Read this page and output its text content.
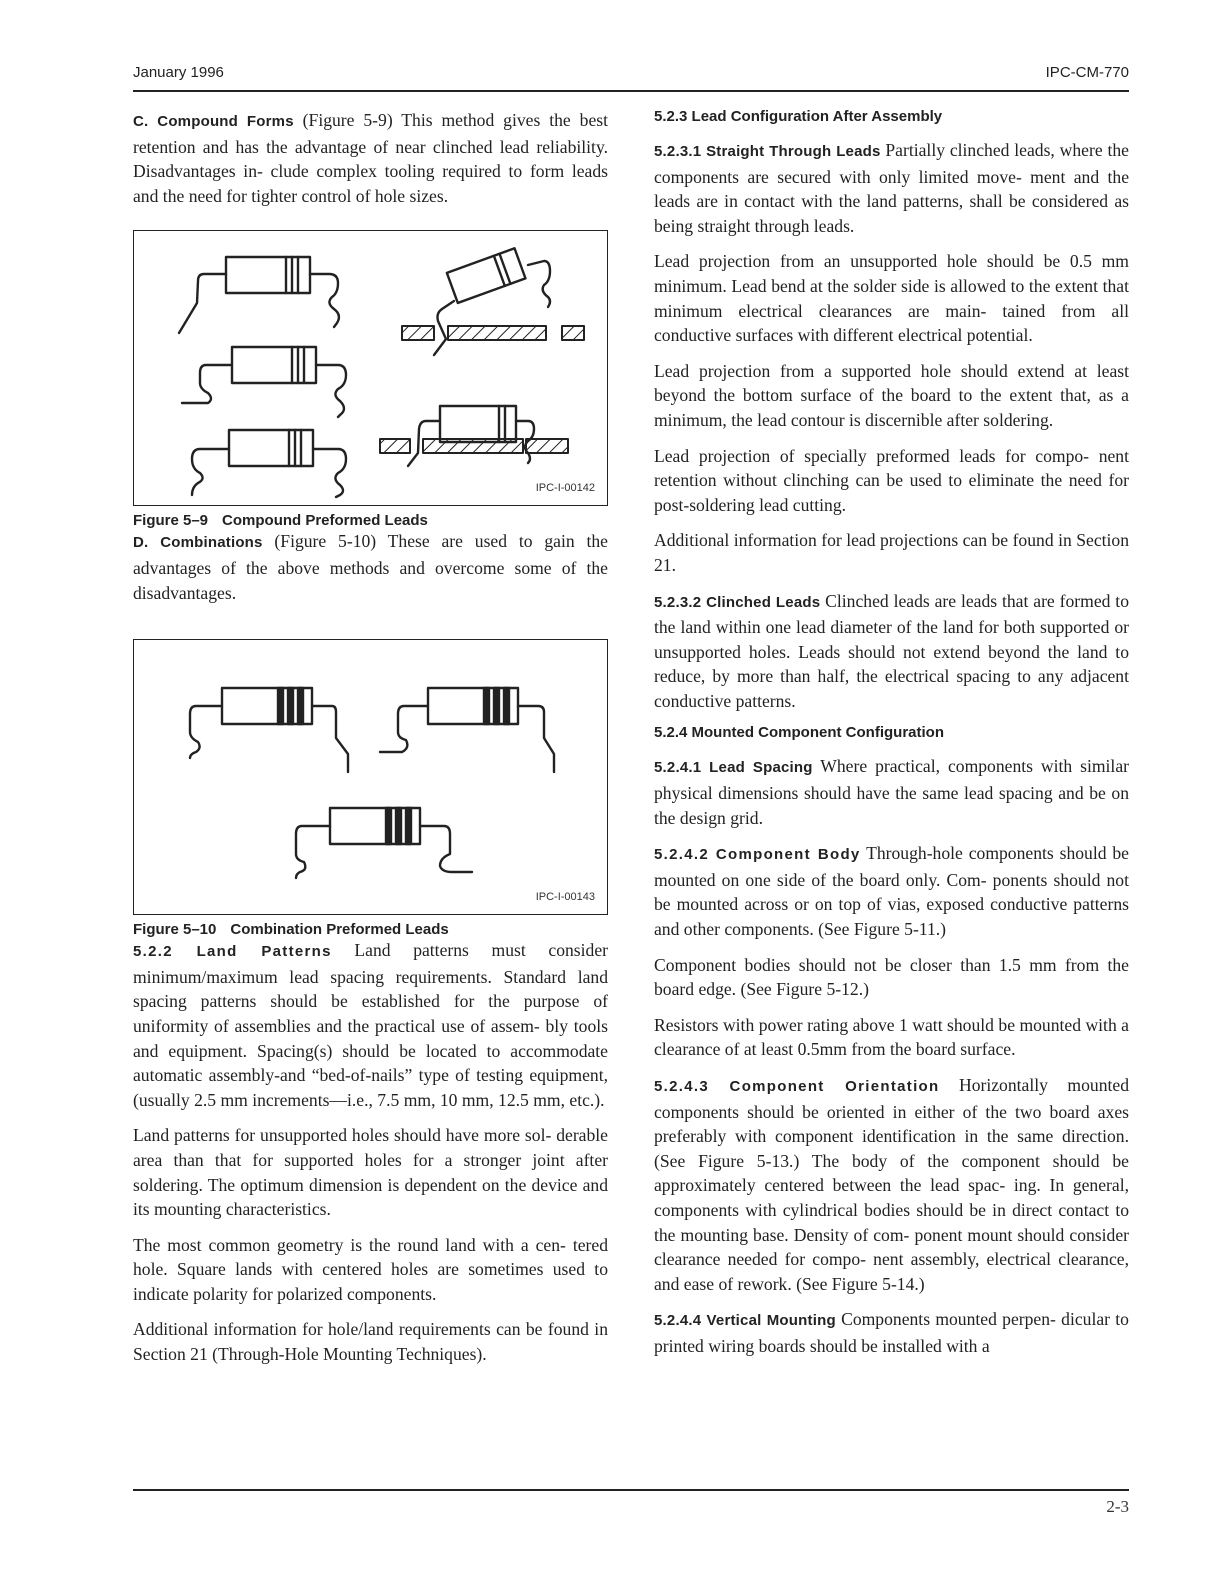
January 1996	IPC-CM-770

C. Compound Forms (Figure 5-9) This method gives the best retention and has the advantage of near clinched lead reliability. Disadvantages in- clude complex tooling required to form leads and the need for tighter control of hole sizes.

IPC-I-00142
Figure 5–9 Compound Preformed Leads

D. Combinations (Figure 5-10) These are used to gain the advantages of the above methods and overcome some of the disadvantages.

IPC-I-00143
Figure 5–10 Combination Preformed Leads

5.2.2 Land Patterns Land patterns must consider minimum/maximum lead spacing requirements. Standard land spacing patterns should be established for the purpose of uniformity of assemblies and the practical use of assem- bly tools and equipment. Spacing(s) should be located to accommodate automatic assembly-and “bed-of-nails” type of testing equipment, (usually 2.5 mm increments—i.e., 7.5 mm, 10 mm, 12.5 mm, etc.).

Land patterns for unsupported holes should have more sol- derable area than that for supported holes for a stronger joint after soldering. The optimum dimension is dependent on the device and its mounting characteristics.

The most common geometry is the round land with a cen- tered hole. Square lands with centered holes are sometimes used to indicate polarity for polarized components.

Additional information for hole/land requirements can be found in Section 21 (Through-Hole Mounting Techniques).

5.2.3 Lead Configuration After Assembly

5.2.3.1 Straight Through Leads Partially clinched leads, where the components are secured with only limited move- ment and the leads are in contact with the land patterns, shall be considered as being straight through leads.

Lead projection from an unsupported hole should be 0.5 mm minimum. Lead bend at the solder side is allowed to the extent that minimum electrical clearances are main- tained from all conductive surfaces with different electrical potential.

Lead projection from a supported hole should extend at least beyond the bottom surface of the board to the extent that, as a minimum, the lead contour is discernible after soldering.

Lead projection of specially preformed leads for compo- nent retention without clinching can be used to eliminate the need for post-soldering lead cutting.

Additional information for lead projections can be found in Section 21.

5.2.3.2 Clinched Leads Clinched leads are leads that are formed to the land within one lead diameter of the land for both supported or unsupported holes. Leads should not extend beyond the land to reduce, by more than half, the electrical spacing to any adjacent conductive patterns.

5.2.4 Mounted Component Configuration

5.2.4.1 Lead Spacing Where practical, components with similar physical dimensions should have the same lead spacing and be on the design grid.

5.2.4.2 Component Body Through-hole components should be mounted on one side of the board only. Com- ponents should not be mounted across or on top of vias, exposed conductive patterns and other components. (See Figure 5-11.)

Component bodies should not be closer than 1.5 mm from the board edge. (See Figure 5-12.)

Resistors with power rating above 1 watt should be mounted with a clearance of at least 0.5mm from the board surface.

5.2.4.3 Component Orientation Horizontally mounted components should be oriented in either of the two board axes preferably with component identification in the same direction. (See Figure 5-13.) The body of the component should be approximately centered between the lead spac- ing. In general, components with cylindrical bodies should be in direct contact to the mounting base. Density of com- ponent mount should consider clearance needed for compo- nent assembly, electrical clearance, and ease of rework. (See Figure 5-14.)

5.2.4.4 Vertical Mounting Components mounted perpen- dicular to printed wiring boards should be installed with a

2-3
